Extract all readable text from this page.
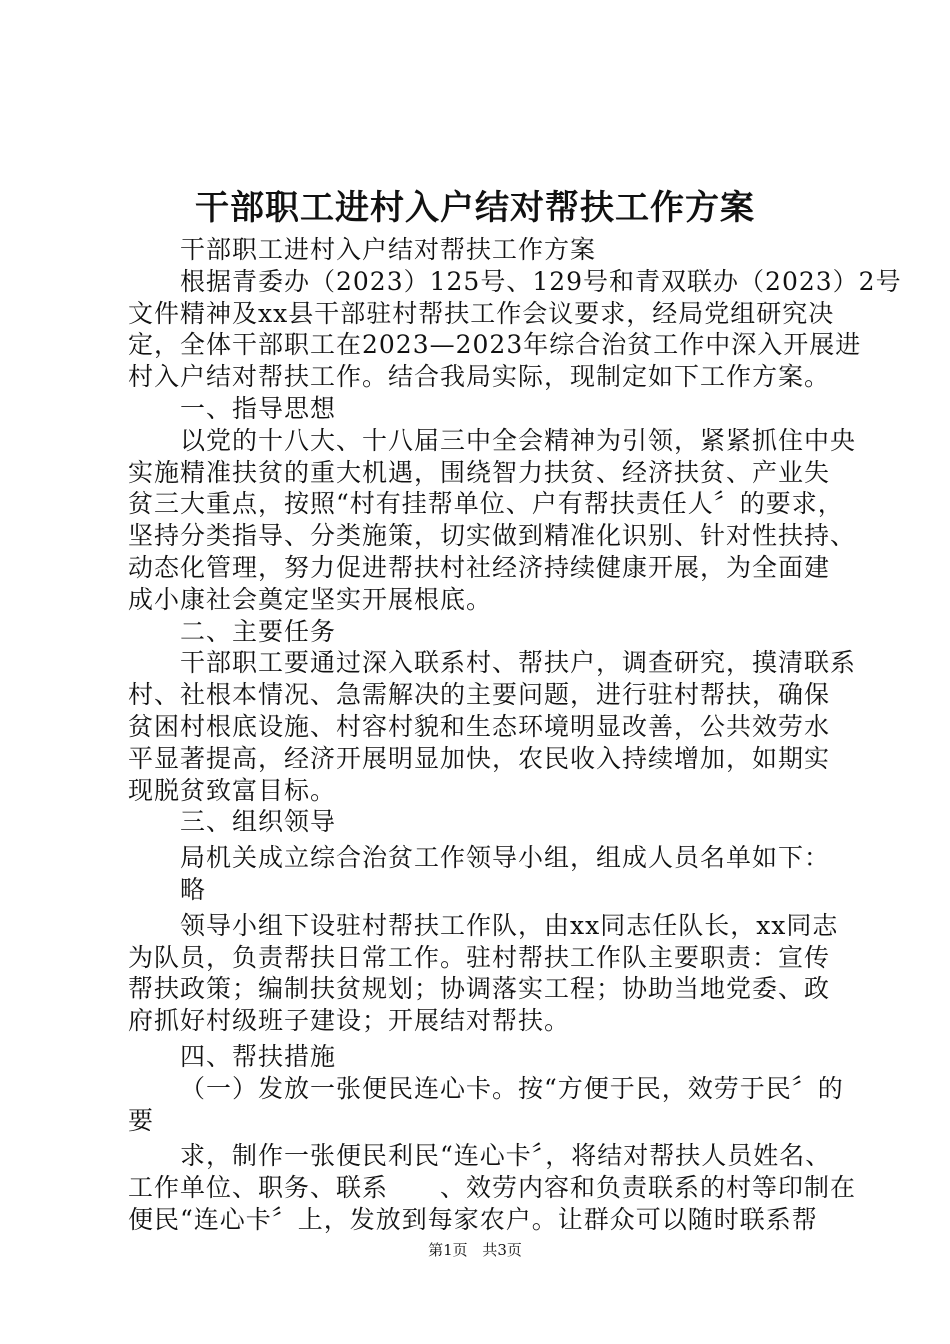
干部职工进村入户结对帮扶工作方案
干部职工进村入户结对帮扶工作方案
根据青委办（2023）125号、129号和青双联办（2023）2号
文件精神及xx县干部驻村帮扶工作会议要求，经局党组研究决
定，全体干部职工在2023—2023年综合治贫工作中深入开展进
村入户结对帮扶工作。结合我局实际，现制定如下工作方案。
一、指导思想
以党的十八大、十八届三中全会精神为引领，紧紧抓住中央
实施精准扶贫的重大机遇，围绕智力扶贫、经济扶贫、产业失
贫三大重点，按照“村有挂帮单位、户有帮扶责任人〞的要求，
坚持分类指导、分类施策，切实做到精准化识别、针对性扶持、
动态化管理，努力促进帮扶村社经济持续健康开展，为全面建
成小康社会奠定坚实开展根底。
二、主要任务
干部职工要通过深入联系村、帮扶户，调查研究，摸清联系
村、社根本情况、急需解决的主要问题，进行驻村帮扶，确保
贫困村根底设施、村容村貌和生态环境明显改善，公共效劳水
平显著提高，经济开展明显加快，农民收入持续增加，如期实
现脱贫致富目标。
三、组织领导
局机关成立综合治贫工作领导小组，组成人员名单如下：
略
领导小组下设驻村帮扶工作队，由xx同志任队长，xx同志
为队员，负责帮扶日常工作。驻村帮扶工作队主要职责：宣传
帮扶政策；编制扶贫规划；协调落实工程；协助当地党委、政
府抓好村级班子建设；开展结对帮扶。
四、帮扶措施
（一）发放一张便民连心卡。按“方便于民，效劳于民〞的
要
求，制作一张便民利民“连心卡〞，将结对帮扶人员姓名、
工作单位、职务、联系　　、效劳内容和负责联系的村等印制在
便民“连心卡〞上，发放到每家农户。让群众可以随时联系帮
第1页 共3页
